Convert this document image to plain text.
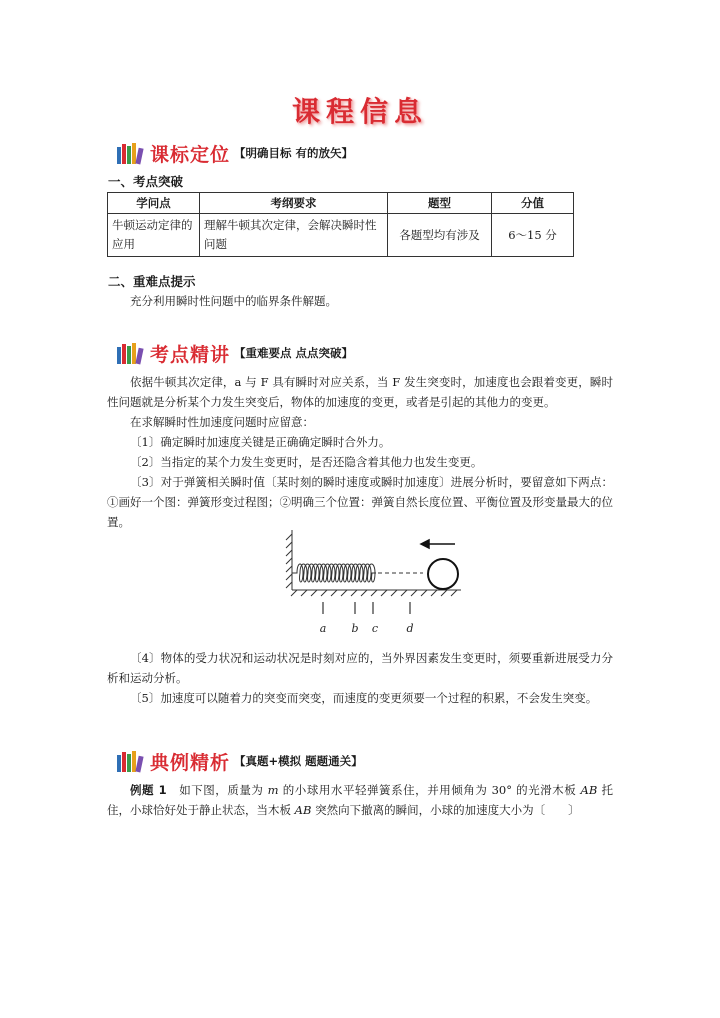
课程信息
课标定位 【明确目标 有的放矢】
一、考点突破
学问点	考纲要求	题型	分值
牛顿运动定律的应用	理解牛顿其次定律，会解决瞬时性问题	各题型均有涉及	6～15 分
二、重难点提示
充分利用瞬时性问题中的临界条件解题。
考点精讲 【重难要点 点点突破】
依据牛顿其次定律，a 与 F 具有瞬时对应关系，当 F 发生突变时，加速度也会跟着变更，瞬时性问题就是分析某个力发生突变后，物体的加速度的变更，或者是引起的其他力的变更。
在求解瞬时性加速度问题时应留意：
〔1〕确定瞬时加速度关键是正确确定瞬时合外力。
〔2〕当指定的某个力发生变更时，是否还隐含着其他力也发生变更。
〔3〕对于弹簧相关瞬时值〔某时刻的瞬时速度或瞬时加速度〕进展分析时，要留意如下两点：①画好一个图：弹簧形变过程图；②明确三个位置：弹簧自然长度位置、平衡位置及形变量最大的位置。
a b c	d
〔4〕物体的受力状况和运动状况是时刻对应的，当外界因素发生变更时，须要重新进展受力分析和运动分析。
〔5〕加速度可以随着力的突变而突变，而速度的变更须要一个过程的积累，不会发生突变。
典例精析 【真题+模拟 题题通关】
例题 1　如下图，质量为 m 的小球用水平轻弹簧系住，并用倾角为 30° 的光滑木板 AB 托住，小球恰好处于静止状态，当木板 AB 突然向下撤离的瞬间，小球的加速度大小为〔　　〕
